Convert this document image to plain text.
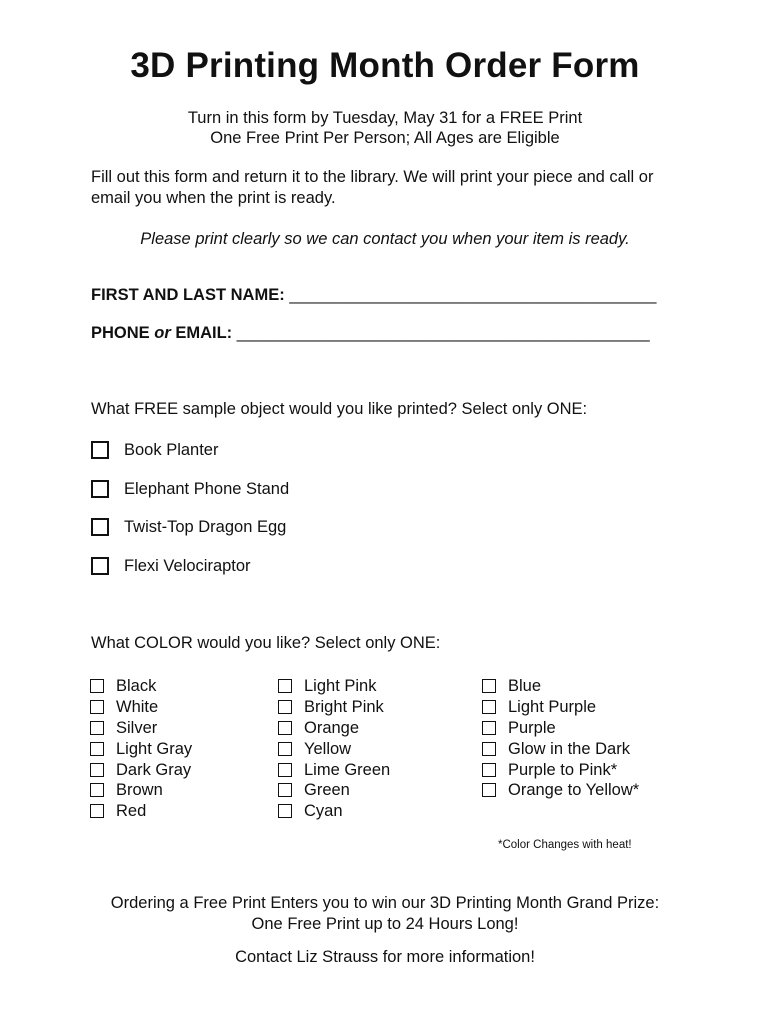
3D Printing Month Order Form
Turn in this form by Tuesday, May 31 for a FREE Print
One Free Print Per Person; All Ages are Eligible
Fill out this form and return it to the library. We will print your piece and call or email you when the print is ready.
Please print clearly so we can contact you when your item is ready.
FIRST AND LAST NAME: ________________________________________
PHONE or EMAIL: _____________________________________________
What FREE sample object would you like printed? Select only ONE:
Book Planter
Elephant Phone Stand
Twist-Top Dragon Egg
Flexi Velociraptor
What COLOR would you like? Select only ONE:
Black
White
Silver
Light Gray
Dark Gray
Brown
Red
Light Pink
Bright Pink
Orange
Yellow
Lime Green
Green
Cyan
Blue
Light Purple
Purple
Glow in the Dark
Purple to Pink*
Orange to Yellow*
*Color Changes with heat!
Ordering a Free Print Enters you to win our 3D Printing Month Grand Prize:
One Free Print up to 24 Hours Long!
Contact Liz Strauss for more information!
